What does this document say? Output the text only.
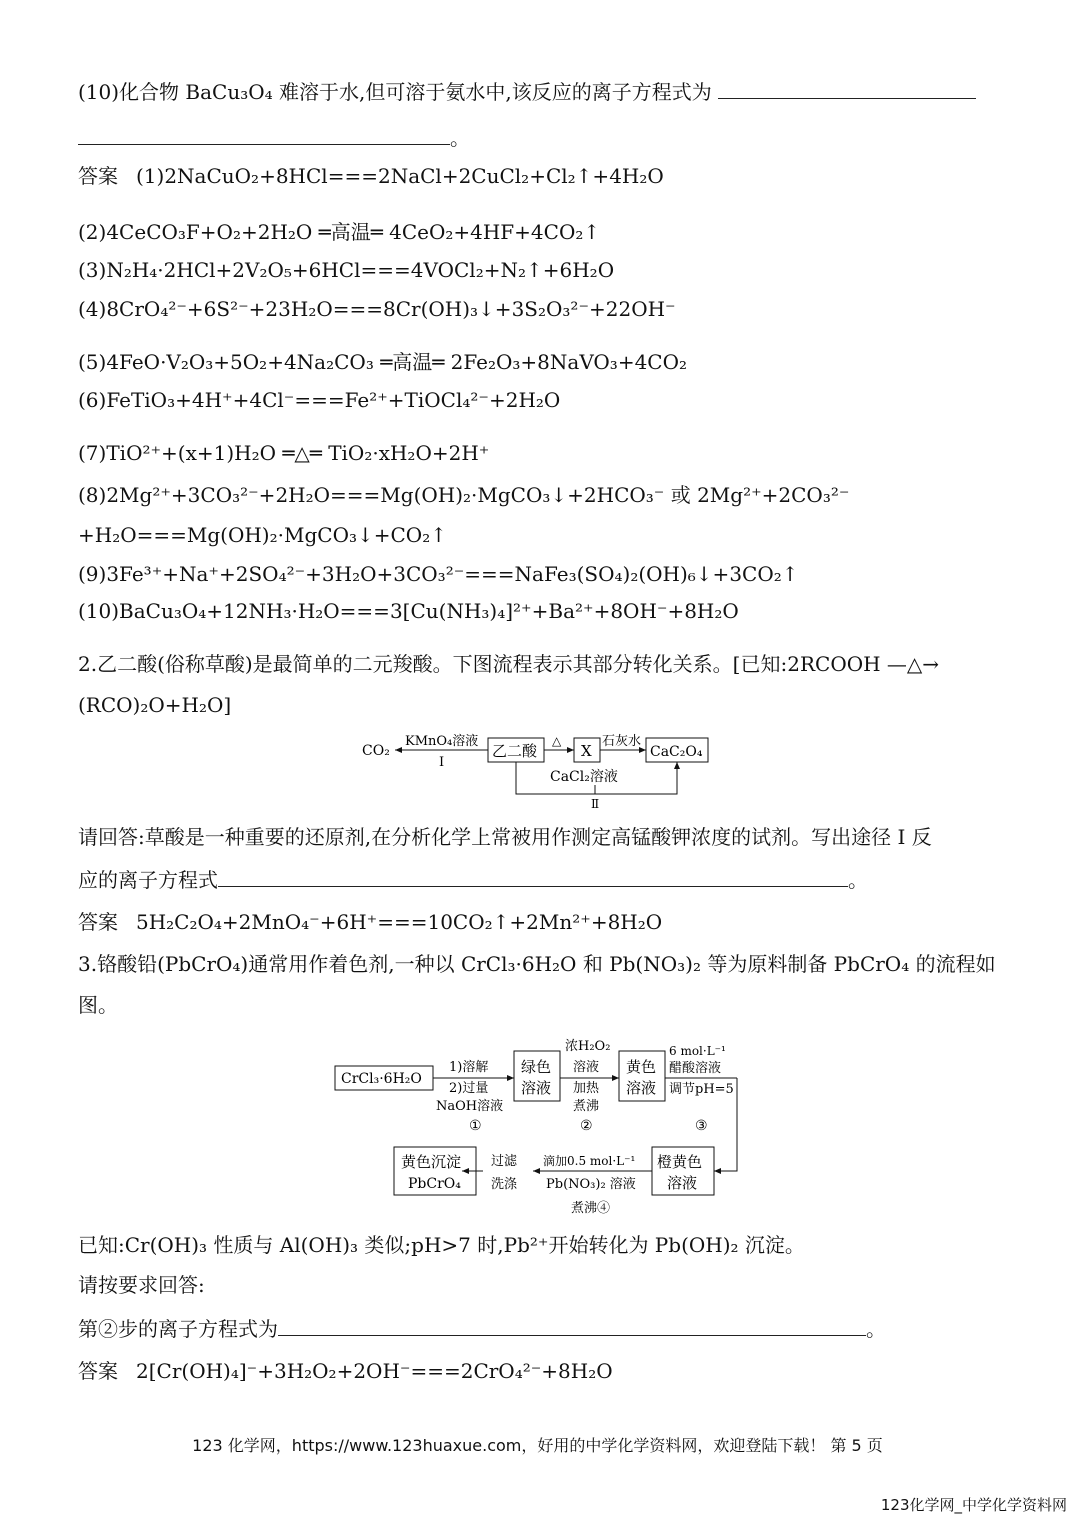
(10)化合物 BaCu₃O₄ 难溶于水,但可溶于氨水中,该反应的离子方程式为
。
答案 (1)2NaCuO₂+8HCl===2NaCl+2CuCl₂+Cl₂↑+4H₂O
(2)4CeCO₃F+O₂+2H₂O ═高温═ 4CeO₂+4HF+4CO₂↑
(3)N₂H₄·2HCl+2V₂O₅+6HCl===4VOCl₂+N₂↑+6H₂O
(4)8CrO₄²⁻+6S²⁻+23H₂O===8Cr(OH)₃↓+3S₂O₃²⁻+22OH⁻
(5)4FeO·V₂O₃+5O₂+4Na₂CO₃ ═高温═ 2Fe₂O₃+8NaVO₃+4CO₂
(6)FeTiO₃+4H⁺+4Cl⁻===Fe²⁺+TiOCl₄²⁻+2H₂O
(7)TiO²⁺+(x+1)H₂O ═△═ TiO₂·xH₂O+2H⁺
(8)2Mg²⁺+3CO₃²⁻+2H₂O===Mg(OH)₂·MgCO₃↓+2HCO₃⁻ 或 2Mg²⁺+2CO₃²⁻
+H₂O===Mg(OH)₂·MgCO₃↓+CO₂↑
(9)3Fe³⁺+Na⁺+2SO₄²⁻+3H₂O+3CO₃²⁻===NaFe₃(SO₄)₂(OH)₆↓+3CO₂↑
(10)BaCu₃O₄+12NH₃·H₂O===3[Cu(NH₃)₄]²⁺+Ba²⁺+8OH⁻+8H₂O
2.乙二酸(俗称草酸)是最简单的二元羧酸。下图流程表示其部分转化关系。[已知:2RCOOH —△→
(RCO)₂O+H₂O]
CO₂
KMnO₄溶液
Ⅰ
乙二酸
△
X
石灰水
CaC₂O₄
CaCl₂溶液
Ⅱ
请回答:草酸是一种重要的还原剂,在分析化学上常被用作测定高锰酸钾浓度的试剂。写出途径 Ⅰ 反
应的离子方程式	。
答案 5H₂C₂O₄+2MnO₄⁻+6H⁺===10CO₂↑+2Mn²⁺+8H₂O
3.铬酸铅(PbCrO₄)通常用作着色剂,一种以 CrCl₃·6H₂O 和 Pb(NO₃)₂ 等为原料制备 PbCrO₄ 的流程如
图。
CrCl₃·6H₂O
1)溶解
2)过量
NaOH溶液
①
绿色
溶液
浓H₂O₂
溶液
加热
煮沸
②
黄色
溶液
6 mol·L⁻¹
醋酸溶液
调节pH=5
③
橙黄色
溶液
滴加0.5 mol·L⁻¹
Pb(NO₃)₂ 溶液
煮沸④
过滤
洗涤
黄色沉淀
PbCrO₄
已知:Cr(OH)₃ 性质与 Al(OH)₃ 类似;pH>7 时,Pb²⁺开始转化为 Pb(OH)₂ 沉淀。
请按要求回答:
第②步的离子方程式为	。
答案 2[Cr(OH)₄]⁻+3H₂O₂+2OH⁻===2CrO₄²⁻+8H₂O
123 化学网，https://www.123huaxue.com，好用的中学化学资料网，欢迎登陆下载！ 第 5 页
123化学网_中学化学资料网
